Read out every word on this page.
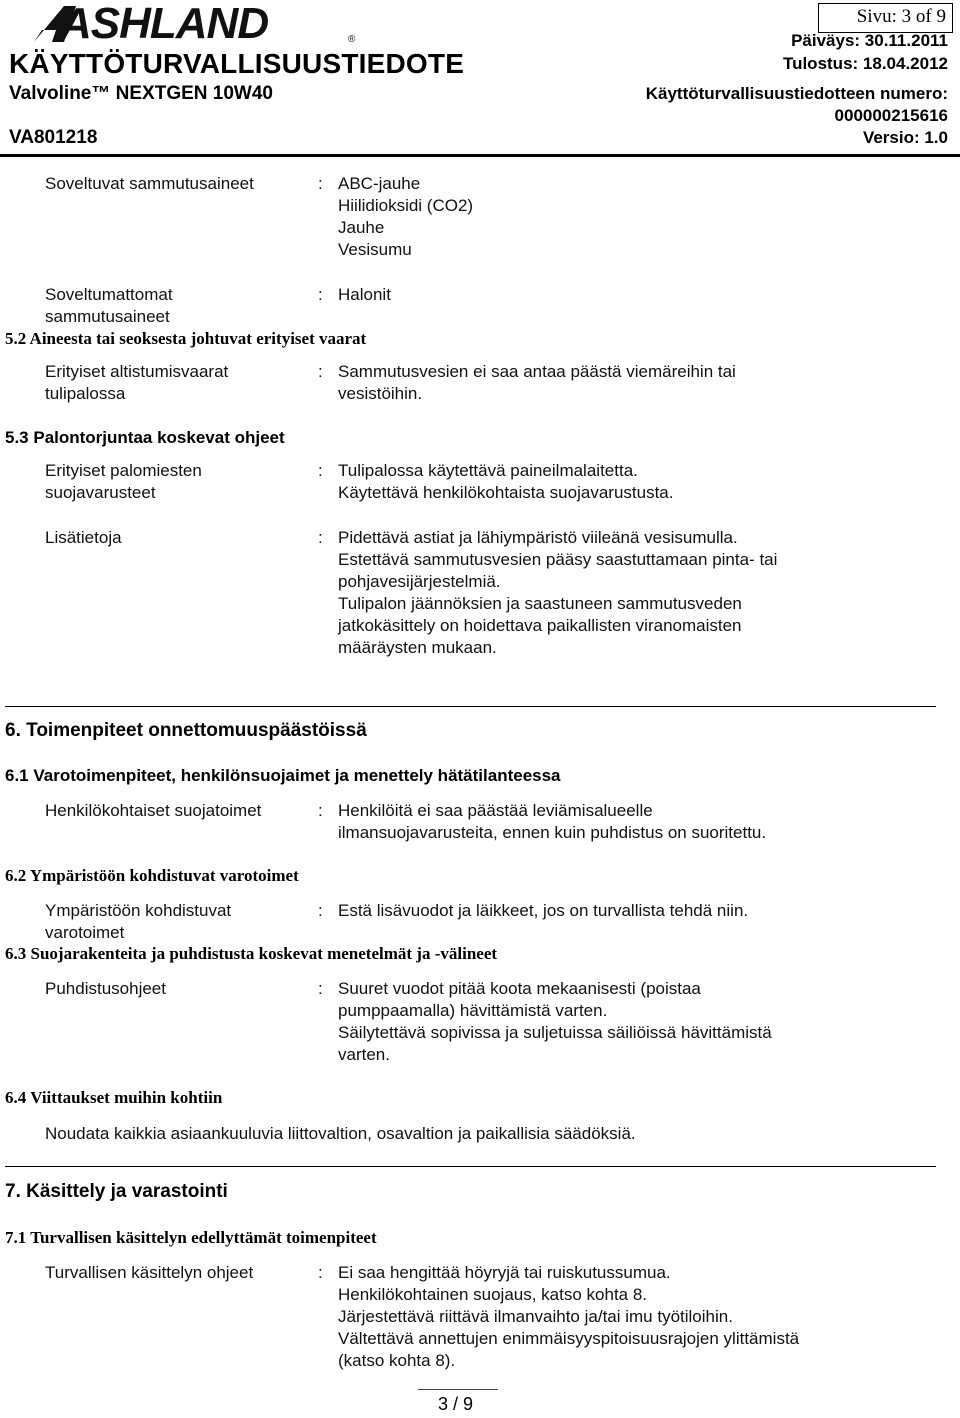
ASHLAND	®
KÄYTTÖTURVALLISUUSTIEDOTE
Valvoline™ NEXTGEN 10W40
VA801218
Sivu: 3 of 9
Päiväys: 30.11.2011
Tulostus: 18.04.2012
Käyttöturvallisuustiedotteen numero:
000000215616
Versio: 1.0
Soveltuvat sammutusaineet	: ABC-jauhe
Hiilidioksidi (CO2)
Jauhe
Vesisumu
Soveltumattomat
sammutusaineet
: Halonit
5.2 Aineesta tai seoksesta johtuvat erityiset vaarat
Erityiset altistumisvaarat
tulipalossa
: Sammutusvesien ei saa antaa päästä viemäreihin tai
vesistöihin.
5.3 Palontorjuntaa koskevat ohjeet
Erityiset palomiesten
suojavarusteet
: Tulipalossa käytettävä paineilmalaitetta.
Käytettävä henkilökohtaista suojavarustusta.
Lisätietoja	: Pidettävä astiat ja lähiympäristö viileänä vesisumulla.
Estettävä sammutusvesien pääsy saastuttamaan pinta- tai
pohjavesijärjestelmiä.
Tulipalon jäännöksien ja saastuneen sammutusveden
jatkokäsittely on hoidettava paikallisten viranomaisten
määräysten mukaan.
6. Toimenpiteet onnettomuuspäästöissä
6.1 Varotoimenpiteet, henkilönsuojaimet ja menettely hätätilanteessa
Henkilökohtaiset suojatoimet	: Henkilöitä ei saa päästää leviämisalueelle
ilmansuojavarusteita, ennen kuin puhdistus on suoritettu.
6.2 Ympäristöön kohdistuvat varotoimet
Ympäristöön kohdistuvat
varotoimet
: Estä lisävuodot ja läikkeet, jos on turvallista tehdä niin.
6.3 Suojarakenteita ja puhdistusta koskevat menetelmät ja -välineet
Puhdistusohjeet	: Suuret vuodot pitää koota mekaanisesti (poistaa
pumppaamalla) hävittämistä varten.
Säilytettävä sopivissa ja suljetuissa säiliöissä hävittämistä
varten.
6.4 Viittaukset muihin kohtiin
Noudata kaikkia asiaankuuluvia liittovaltion, osavaltion ja paikallisia säädöksiä.
7. Käsittely ja varastointi
7.1 Turvallisen käsittelyn edellyttämät toimenpiteet
Turvallisen käsittelyn ohjeet	: Ei saa hengittää höyryjä tai ruiskutussumua.
Henkilökohtainen suojaus, katso kohta 8.
Järjestettävä riittävä ilmanvaihto ja/tai imu työtiloihin.
Vältettävä annettujen enimmäisyyspitoisuusrajojen ylittämistä
(katso kohta 8).
3 / 9
